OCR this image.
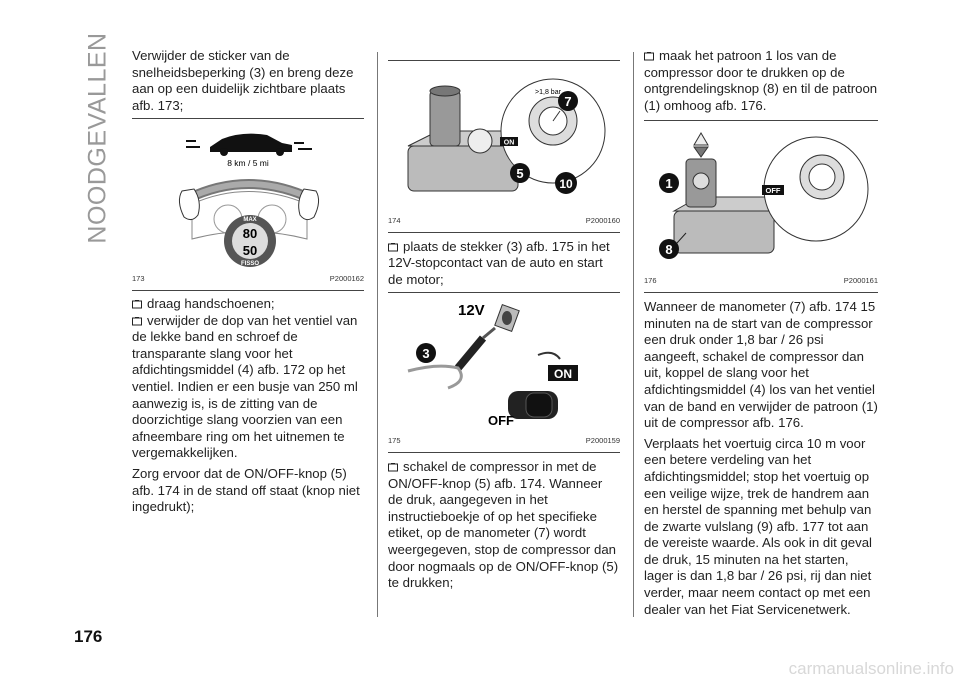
NOODGEVALLEN
176

Verwijder de sticker van de snelheidsbeperking (3) en breng deze aan op een duidelijk zichtbare plaats afb. 173;

8 km / 5 mi
MAX
FISSO
80
50
173	P2000162

draag handschoenen;

verwijder de dop van het ventiel van de lekke band en schroef de transparante slang voor het afdichtingsmiddel (4) afb. 172 op het ventiel. Indien er een busje van 250 ml aanwezig is, is de zitting van de doorzichtige slang voorzien van een afneembare ring om het uitnemen te vergemakkelijken.

Zorg ervoor dat de ON/OFF-knop (5) afb. 174 in de stand off staat (knop niet ingedrukt);

>1,8 bar
ON
7
5
10
174	P2000160

plaats de stekker (3) afb. 175 in het 12V-stopcontact van de auto en start de motor;

12V
3
ON
OFF
175	P2000159

schakel de compressor in met de ON/OFF-knop (5) afb. 174. Wanneer de druk, aangegeven in het instructieboekje of op het specifieke etiket, op de manometer (7) wordt weergegeven, stop de compressor dan door nogmaals op de ON/OFF-knop (5) te drukken;

maak het patroon 1 los van de compressor door te drukken op de ontgrendelingsknop (8) en til de patroon (1) omhoog afb. 176.

OFF
1
8
176	P2000161

Wanneer de manometer (7) afb. 174 15 minuten na de start van de compressor een druk onder 1,8 bar / 26 psi aangeeft, schakel de compressor dan uit, koppel de slang voor het afdichtingsmiddel (4) los van het ventiel van de band en verwijder de patroon (1) uit de compressor afb. 176.

Verplaats het voertuig circa 10 m voor een betere verdeling van het afdichtingsmiddel; stop het voertuig op een veilige wijze, trek de handrem aan en herstel de spanning met behulp van de zwarte vulslang (9) afb. 177 tot aan de vereiste waarde. Als ook in dit geval de druk, 15 minuten na het starten, lager is dan 1,8 bar / 26 psi, rij dan niet verder, maar neem contact op met een dealer van het Fiat Servicenetwerk.

carmanualsonline.info
